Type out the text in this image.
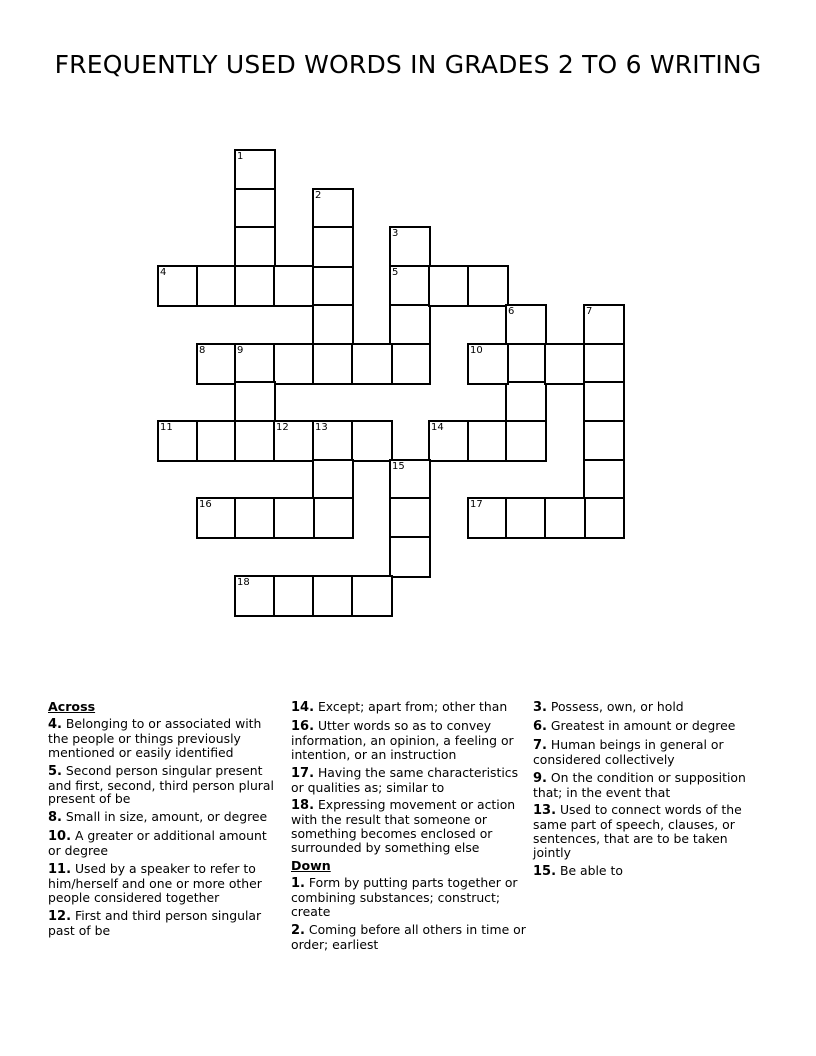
FREQUENTLY USED WORDS IN GRADES 2 TO 6 WRITING
1
4
2
3
5
8	9
11
6
10
7
12	13
16
14
15
17
18
Across
4. Belonging to or associated with the people or things previously mentioned or easily identified
5. Second person singular present and first, second, third person plural present of be
8. Small in size, amount, or degree
10. A greater or additional amount or degree
11. Used by a speaker to refer to him/herself and one or more other people considered together
12. First and third person singular past of be
14. Except; apart from; other than
16. Utter words so as to convey information, an opinion, a feeling or intention, or an instruction
17. Having the same characteristics or qualities as; similar to
18. Expressing movement or action with the result that someone or something becomes enclosed or surrounded by something else
Down
1. Form by putting parts together or combining substances; construct; create
2. Coming before all others in time or order; earliest
3. Possess, own, or hold
6. Greatest in amount or degree
7. Human beings in general or considered collectively
9. On the condition or supposition that; in the event that
13. Used to connect words of the same part of speech, clauses, or sentences, that are to be taken jointly
15. Be able to
